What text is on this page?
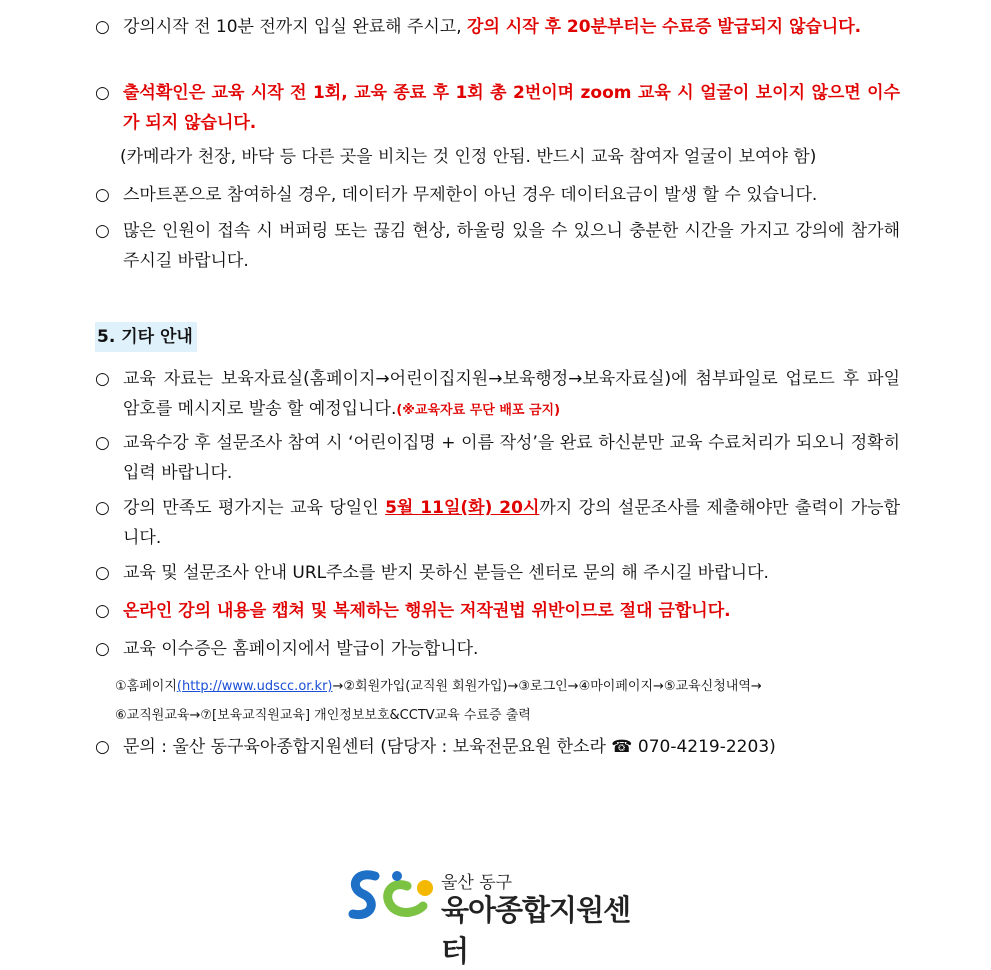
○ 강의시작 전 10분 전까지 입실 완료해 주시고, 강의 시작 후 20분부터는 수료증 발급되지 않습니다.
○ 출석확인은 교육 시작 전 1회, 교육 종료 후 1회 총 2번이며 zoom 교육 시 얼굴이 보이지 않으면 이수가 되지 않습니다.
(카메라가 천장, 바닥 등 다른 곳을 비치는 것 인정 안됨. 반드시 교육 참여자 얼굴이 보여야 함)
○ 스마트폰으로 참여하실 경우, 데이터가 무제한이 아닌 경우 데이터요금이 발생 할 수 있습니다.
○ 많은 인원이 접속 시 버퍼링 또는 끊김 현상, 하울링 있을 수 있으니 충분한 시간을 가지고 강의에 참가해주시길 바랍니다.
5. 기타 안내
○ 교육 자료는 보육자료실(홈페이지→어린이집지원→보육행정→보육자료실)에 첨부파일로 업로드 후 파일 암호를 메시지로 발송 할 예정입니다.(※교육자료 무단 배포 금지)
○ 교육수강 후 설문조사 참여 시 ‘어린이집명 + 이름 작성’을 완료 하신분만 교육 수료처리가 되오니 정확히 입력 바랍니다.
○ 강의 만족도 평가지는 교육 당일인 5월 11일(화) 20시까지 강의 설문조사를 제출해야만 출력이 가능합니다.
○ 교육 및 설문조사 안내 URL주소를 받지 못하신 분들은 센터로 문의 해 주시길 바랍니다.
○ 온라인 강의 내용을 캡쳐 및 복제하는 행위는 저작권법 위반이므로 절대 금합니다.
○ 교육 이수증은 홈페이지에서 발급이 가능합니다.
①홈페이지(http://www.udscc.or.kr)→②회원가입(교직원 회원가입)→③로그인→④마이페이지→⑤교육신청내역→
⑥교직원교육→⑦[보육교직원교육] 개인정보보호&CCTV교육 수료증 출력
○ 문의 : 울산 동구육아종합지원센터 (담당자 : 보육전문요원 한소라 ☎ 070-4219-2203)
울산 동구
육아종합지원센터
